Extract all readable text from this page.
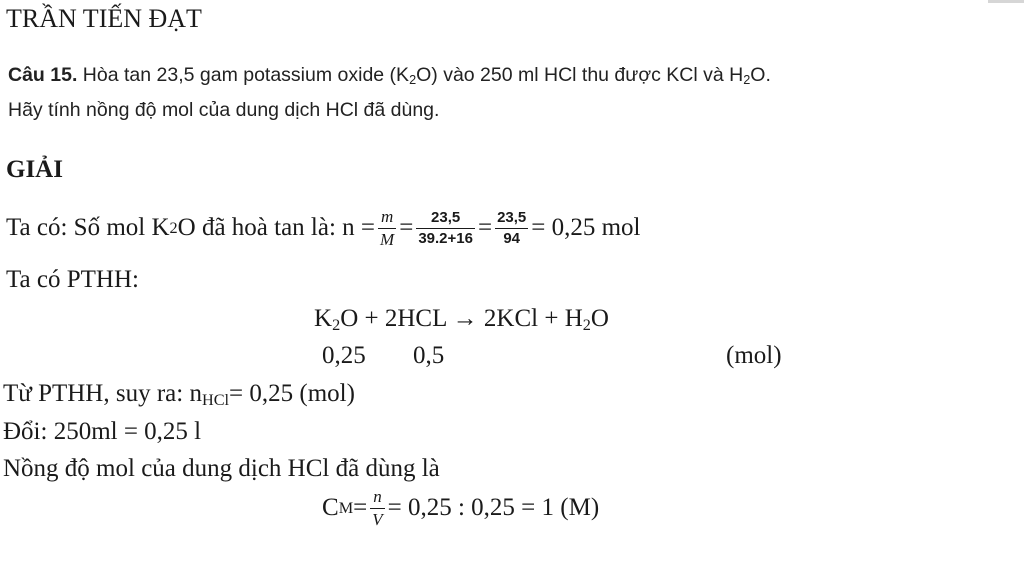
TRẦN TIẾN ĐẠT
Câu 15. Hòa tan 23,5 gam potassium oxide $(K_2O)$ vào 250 ml HCl thu được KCl và $H_2O$.
Hãy tính nồng độ mol của dung dịch HCl đã dùng.
GIẢI
Ta có: Số mol K 2 O đã hoà tan là: $n = \frac{m}{M} = \frac{23,5}{39.2+16} = \frac{23,5}{94} = 0,25$ mol
Ta có PTHH:
$K_2O + 2HCL \to 2KCl + H_2O$
0,25 0,5	(mol)
Từ PTHH, suy ra: $n_{HCl}= 0,25$ (mol)
Đổi: 250ml = 0,25 l
Nồng độ mol của dung dịch HCl đã dùng là
C $M = \frac{n}{V} = 0,25$ : 0,25 = 1 (M)
